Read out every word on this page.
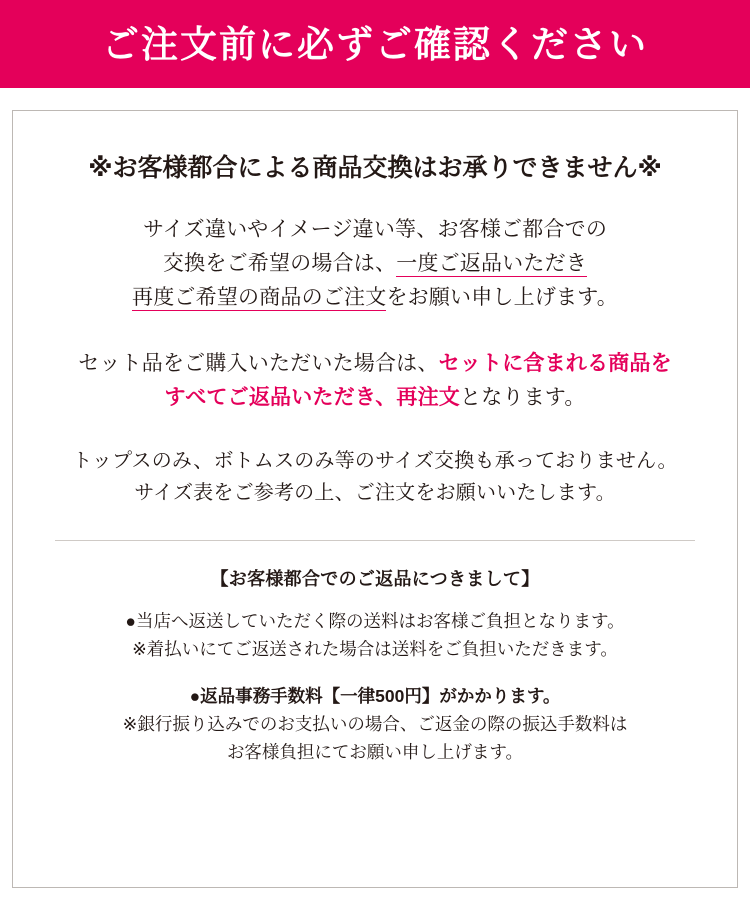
ご注文前に必ずご確認ください
※お客様都合による商品交換はお承りできません※
サイズ違いやイメージ違い等、お客様ご都合での
交換をご希望の場合は、一度ご返品いただき
再度ご希望の商品のご注文をお願い申し上げます。
セット品をご購入いただいた場合は、セットに含まれる商品を
すべてご返品いただき、再注文となります。
トップスのみ、ボトムスのみ等のサイズ交換も承っておりません。
サイズ表をご参考の上、ご注文をお願いいたします。
【お客様都合でのご返品につきまして】
●当店へ返送していただく際の送料はお客様ご負担となります。
※着払いにてご返送された場合は送料をご負担いただきます。
●返品事務手数料【一律500円】がかかります。
※銀行振り込みでのお支払いの場合、ご返金の際の振込手数料は
お客様負担にてお願い申し上げます。
